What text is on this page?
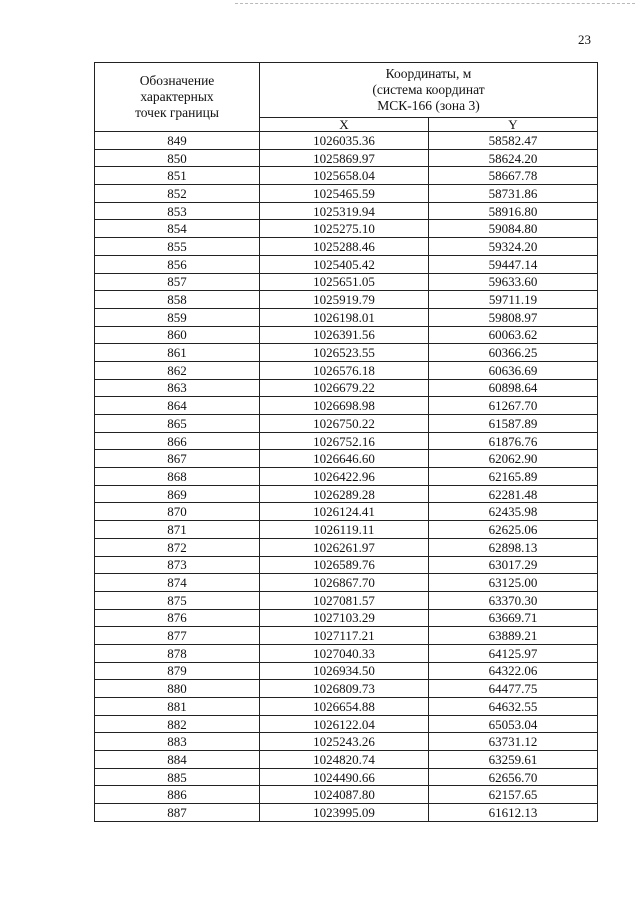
23
Обозначение
характерных
точек границы	Координаты, м
(система координат
МСК-166 (зона 3)	

	X	Y
849	1026035.36	58582.47
850	1025869.97	58624.20
851	1025658.04	58667.78
852	1025465.59	58731.86
853	1025319.94	58916.80
854	1025275.10	59084.80
855	1025288.46	59324.20
856	1025405.42	59447.14
857	1025651.05	59633.60
858	1025919.79	59711.19
859	1026198.01	59808.97
860	1026391.56	60063.62
861	1026523.55	60366.25
862	1026576.18	60636.69
863	1026679.22	60898.64
864	1026698.98	61267.70
865	1026750.22	61587.89
866	1026752.16	61876.76
867	1026646.60	62062.90
868	1026422.96	62165.89
869	1026289.28	62281.48
870	1026124.41	62435.98
871	1026119.11	62625.06
872	1026261.97	62898.13
873	1026589.76	63017.29
874	1026867.70	63125.00
875	1027081.57	63370.30
876	1027103.29	63669.71
877	1027117.21	63889.21
878	1027040.33	64125.97
879	1026934.50	64322.06
880	1026809.73	64477.75
881	1026654.88	64632.55
882	1026122.04	65053.04
883	1025243.26	63731.12
884	1024820.74	63259.61
885	1024490.66	62656.70
886	1024087.80	62157.65
887	1023995.09	61612.13
